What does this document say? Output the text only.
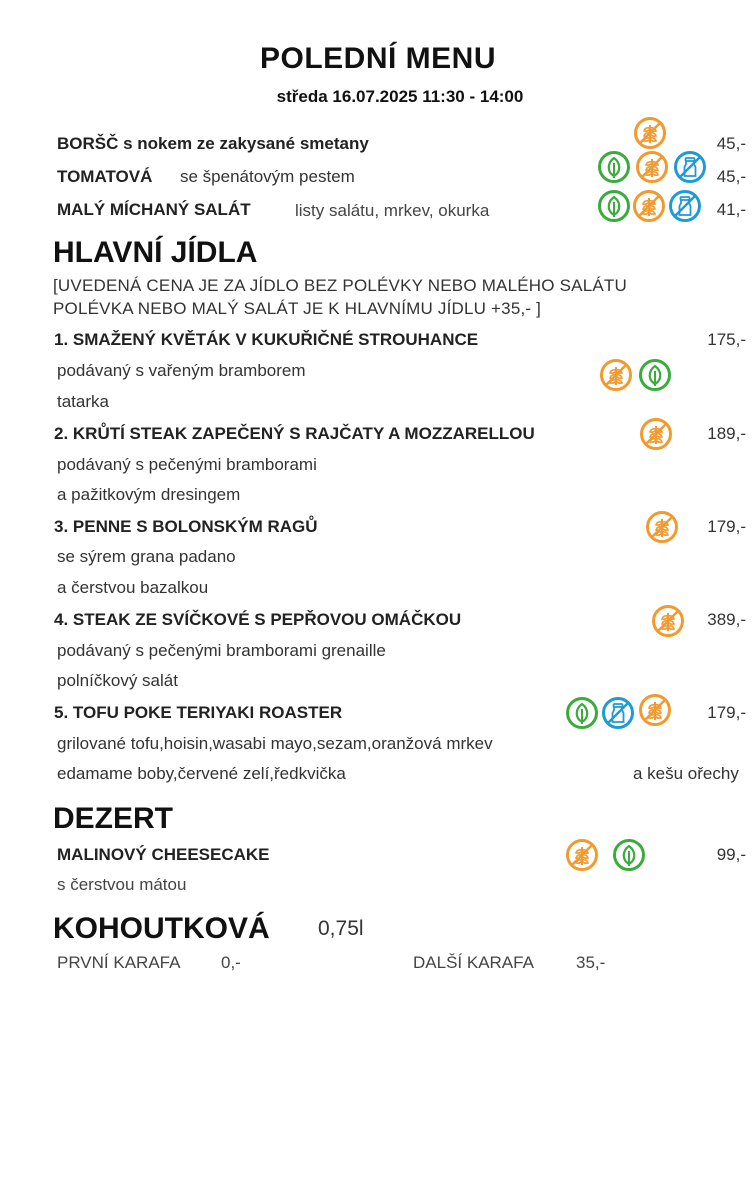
POLEDNÍ MENU
středa 16.07.2025 11:30 - 14:00
BORŠČ s nokem ze zakysané smetany	45,-
TOMATOVÁ se špenátovým pestem	45,-
MALÝ MÍCHANÝ SALÁT	listy salátu, mrkev, okurka	41,-
HLAVNÍ JÍDLA
[UVEDENÁ CENA JE ZA JÍDLO BEZ POLÉVKY NEBO MALÉHO SALÁTU
POLÉVKA NEBO MALÝ SALÁT JE K HLAVNÍMU JÍDLU +35,- ]
1. SMAŽENÝ KVĚTÁK V KUKUŘIČNÉ STROUHANCE	175,-
podávaný s vařeným bramborem
tatarka
2. KRŮTÍ STEAK ZAPEČENÝ S RAJČATY A MOZZARELLOU	189,-
podávaný s pečenými bramborami
a pažitkovým dresingem
3. PENNE S BOLONSKÝM RAGŮ	179,-
se sýrem grana padano
a čerstvou bazalkou
4. STEAK ZE SVÍČKOVÉ S PEPŘOVOU OMÁČKOU	389,-
podávaný s pečenými bramborami grenaille
polníčkový salát
5. TOFU POKE TERIYAKI ROASTER	179,-
grilované tofu,hoisin,wasabi mayo,sezam,oranžová mrkev
edamame boby,červené zelí,ředkvička	a kešu ořechy
DEZERT
MALINOVÝ CHEESECAKE	99,-
s čerstvou mátou
KOHOUTKOVÁ 0,75l
PRVNÍ KARAFA 0,-	DALŠÍ KARAFA 35,-
